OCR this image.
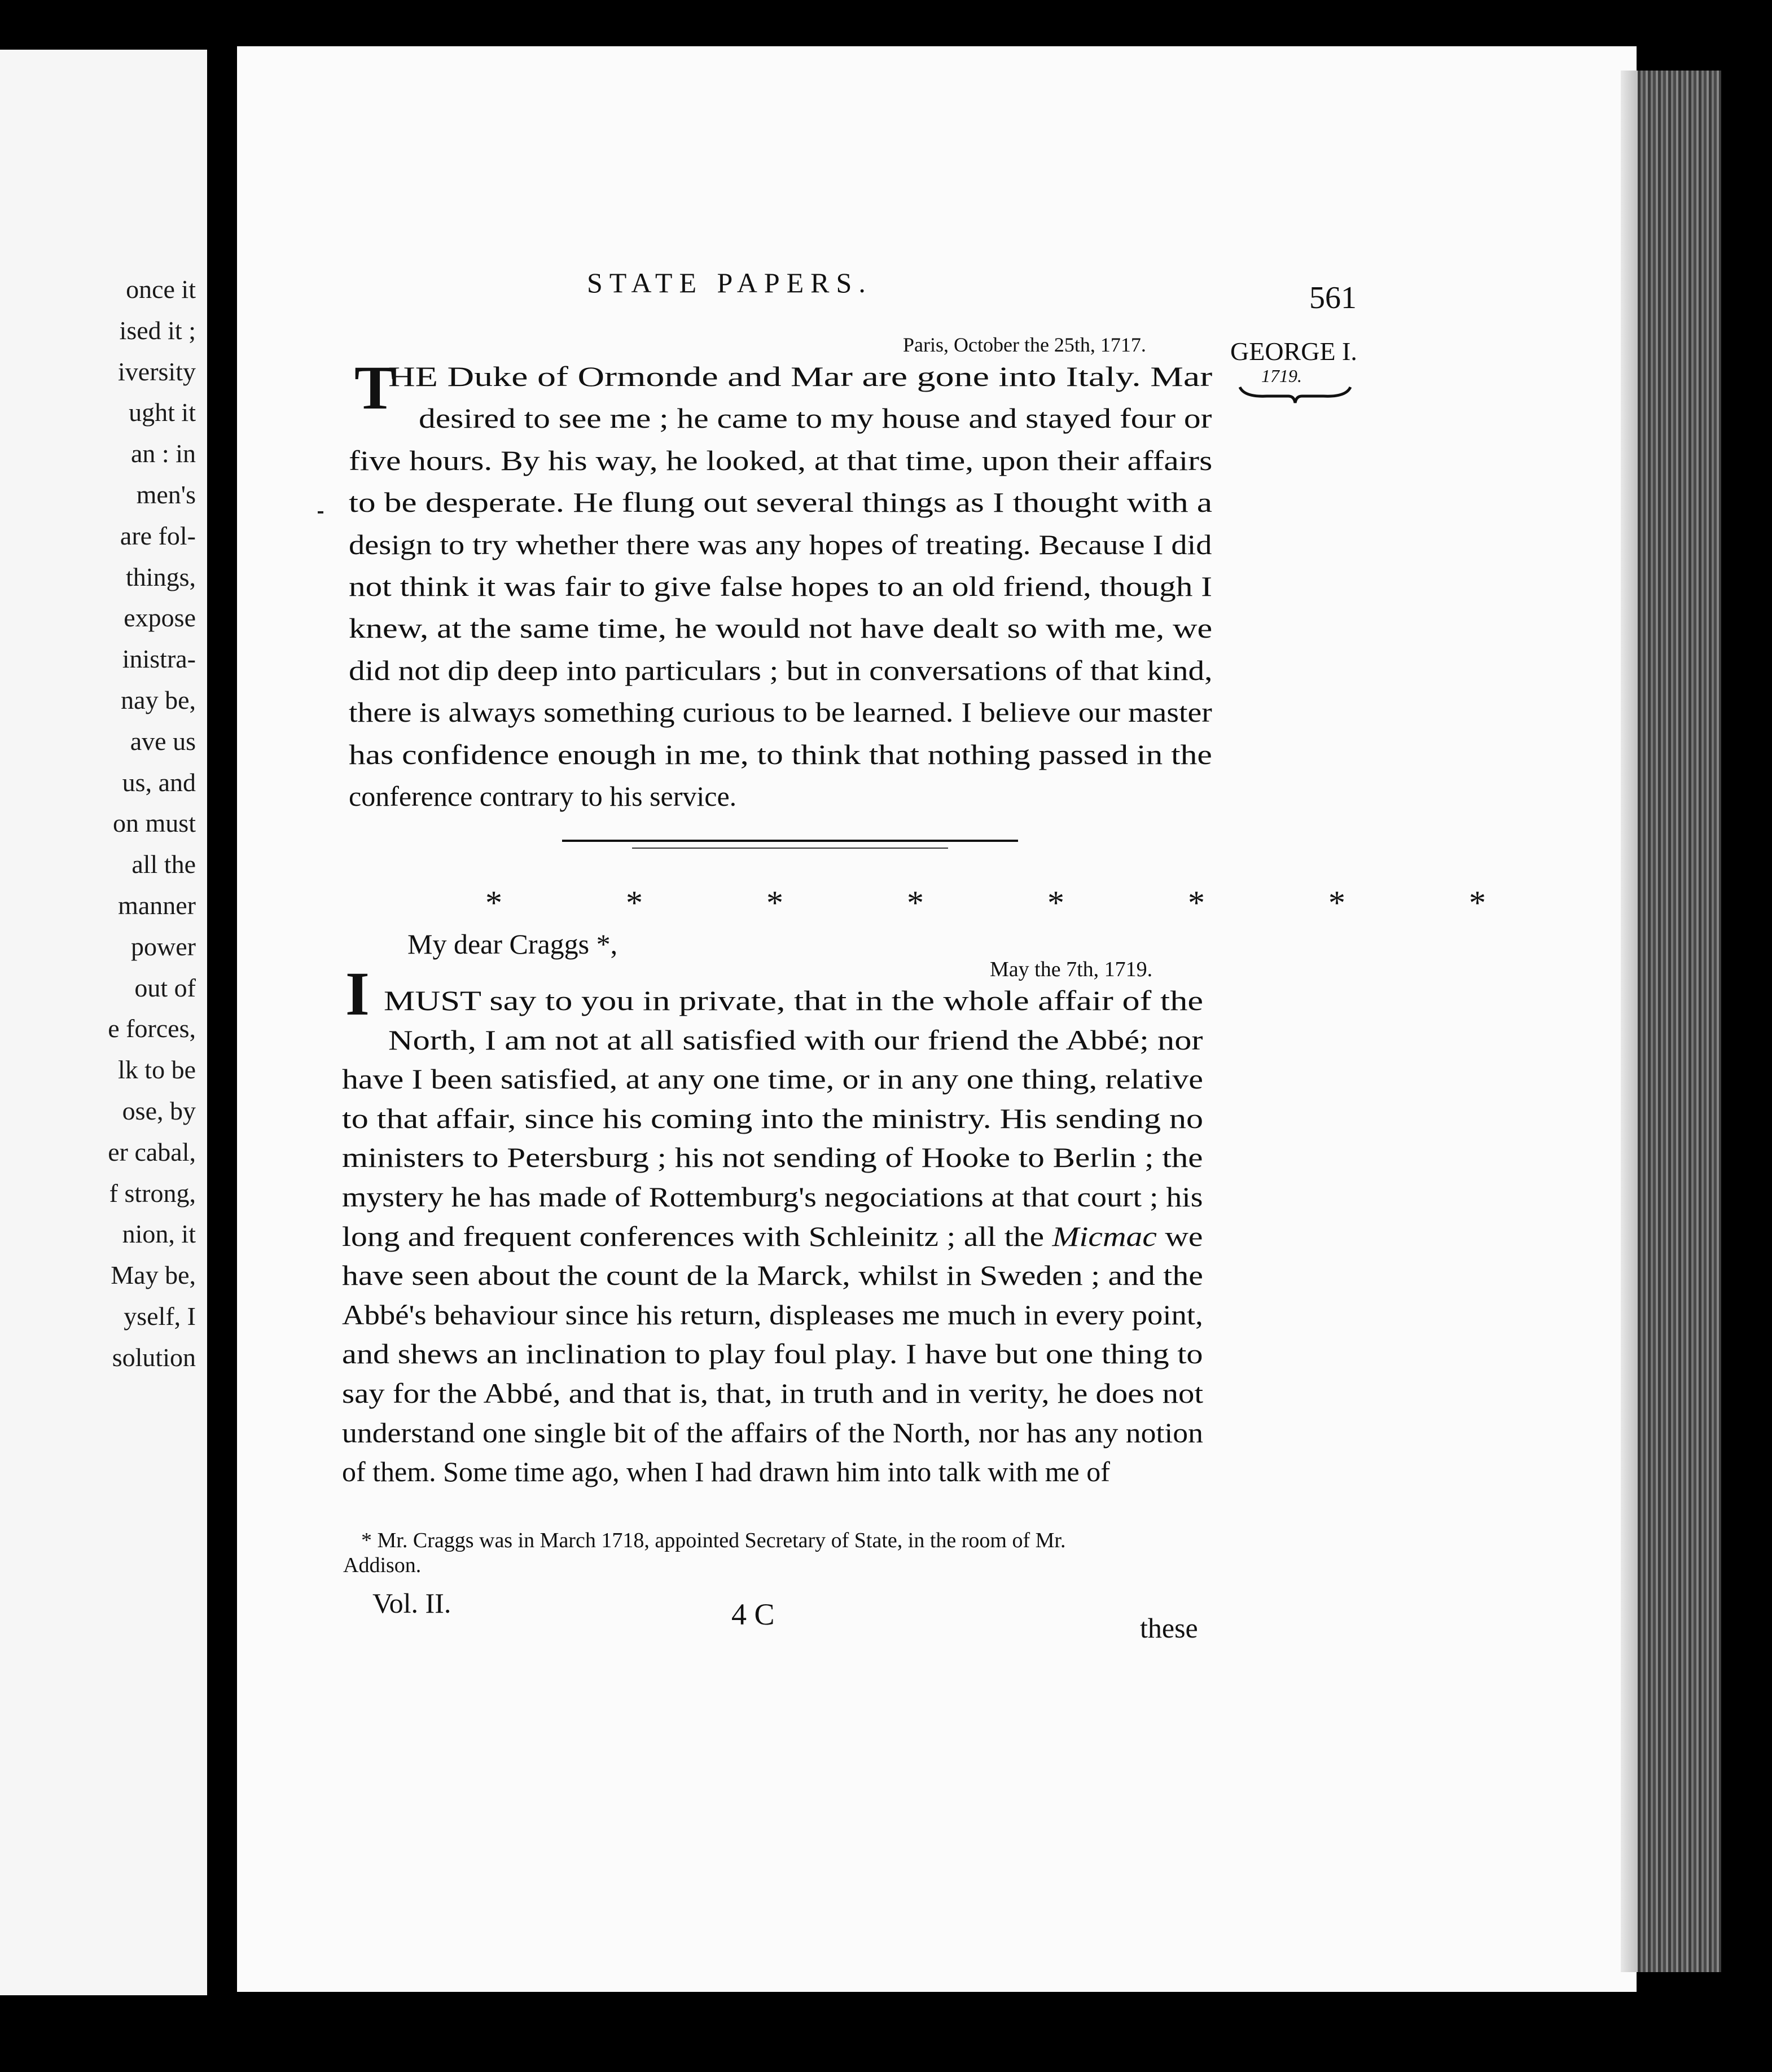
once it
ised it ;
iversity
ught it
an : in
men's
are fol-
things,
expose
inistra-
nay be,
ave us
us, and
on must
all the
manner
power
out of
e forces,
lk to be
ose, by
er cabal,
f strong,
nion, it
May be,
yself, I
solution
STATE PAPERS.	561
GEORGE I.
1719.
Paris, October the 25th, 1717.
T
HE Duke of Ormonde and Mar are gone into Italy. Mar
desired to see me ; he came to my house and stayed four or
five hours. By his way, he looked, at that time, upon their affairs
to be desperate. He flung out several things as I thought with a
design to try whether there was any hopes of treating. Because I did
not think it was fair to give false hopes to an old friend, though I
knew, at the same time, he would not have dealt so with me, we
did not dip deep into particulars ; but in conversations of that kind,
there is always something curious to be learned. I believe our master
has confidence enough in me, to think that nothing passed in the
conference contrary to his service.
* * * * * * * *
My dear Craggs *,
May the 7th, 1719.
I MUST say to you in private, that in the whole affair of the
North, I am not at all satisfied with our friend the Abbé; nor
have I been satisfied, at any one time, or in any one thing, relative
to that affair, since his coming into the ministry. His sending no
ministers to Petersburg ; his not sending of Hooke to Berlin ; the
mystery he has made of Rottemburg's negociations at that court ; his
long and frequent conferences with Schleinitz ; all the Micmac we
have seen about the count de la Marck, whilst in Sweden ; and the
Abbé's behaviour since his return, displeases me much in every point,
and shews an inclination to play foul play. I have but one thing to
say for the Abbé, and that is, that, in truth and in verity, he does not
understand one single bit of the affairs of the North, nor has any notion
of them. Some time ago, when I had drawn him into talk with me of
* Mr. Craggs was in March 1718, appointed Secretary of State, in the room of Mr.
Addison.
Vol. II.	4 C	these
